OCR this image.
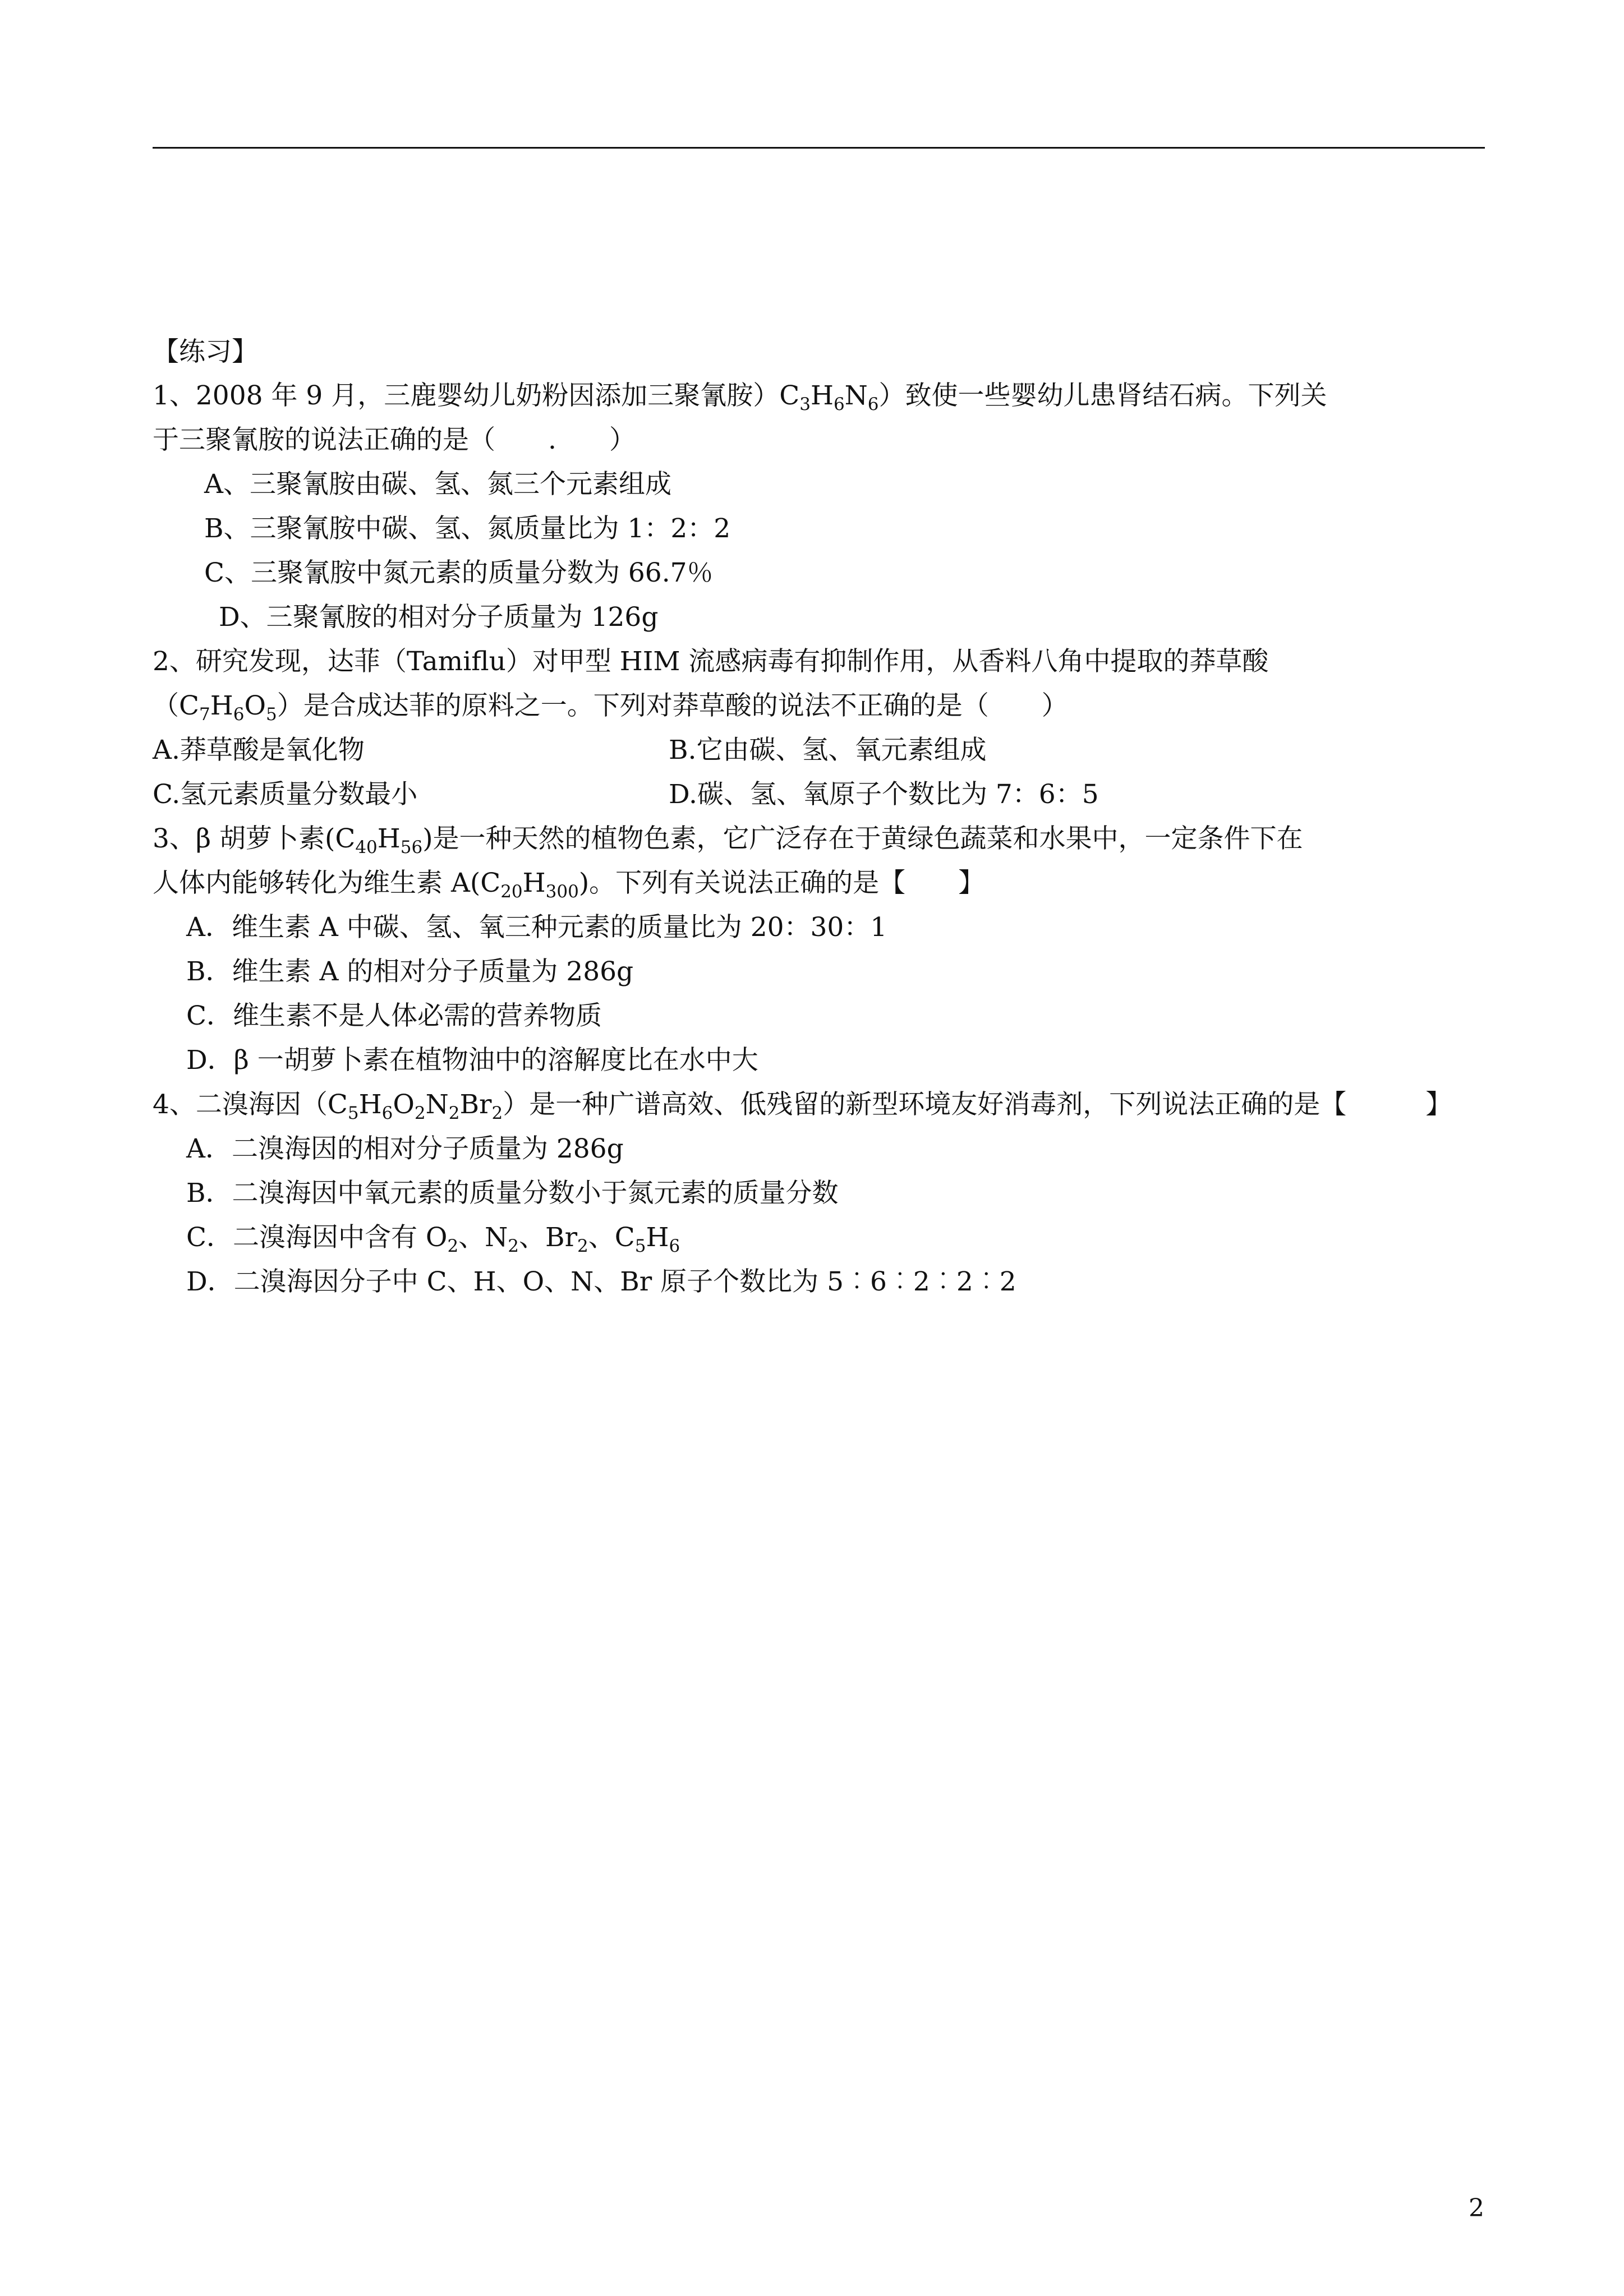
【练习】
1、2008 年 9 月，三鹿婴幼儿奶粉因添加三聚氰胺）$C_3H_6N_6$）致使一些婴幼儿患肾结石病。下列关
于三聚氰胺的说法正确的是（　　.　　）
A、三聚氰胺由碳、氢、氮三个元素组成
B、三聚氰胺中碳、氢、氮质量比为 1：2：2
C、三聚氰胺中氮元素的质量分数为 66.7％
D、三聚氰胺的相对分子质量为 126g
2、研究发现，达菲（Tamiflu）对甲型 HIM 流感病毒有抑制作用，从香料八角中提取的莽草酸
$(C_7H_6O_5)$是合成达菲的原料之一。下列对莽草酸的说法不正确的是（　　）
A.莽草酸是氧化物	B.它由碳、氢、氧元素组成
C.氢元素质量分数最小	D.碳、氢、氧原子个数比为 7：6：5
3、β 胡萝卜素$(C_{40}H_{56})$是一种天然的植物色素，它广泛存在于黄绿色蔬菜和水果中，一定条件下在
人体内能够转化为维生素 $A(C_{20}H_{300})$。下列有关说法正确的是【　　】
A．维生素 A 中碳、氢、氧三种元素的质量比为 20：30：1
B．维生素 A 的相对分子质量为 286g
C．维生素不是人体必需的营养物质
D．β 一胡萝卜素在植物油中的溶解度比在水中大
4、二溴海因$(C_5H_6O_2N_2Br_2)$是一种广谱高效、低残留的新型环境友好消毒剂，下列说法正确的是【　　　】
A．二溴海因的相对分子质量为 286g
B．二溴海因中氧元素的质量分数小于氮元素的质量分数
C．二溴海因中含有 $O_2$、$N_2$、$Br_2$、$C_5H_6$
D．二溴海因分子中 C、H、O、N、Br 原子个数比为 5︰6︰2︰2︰2
2
